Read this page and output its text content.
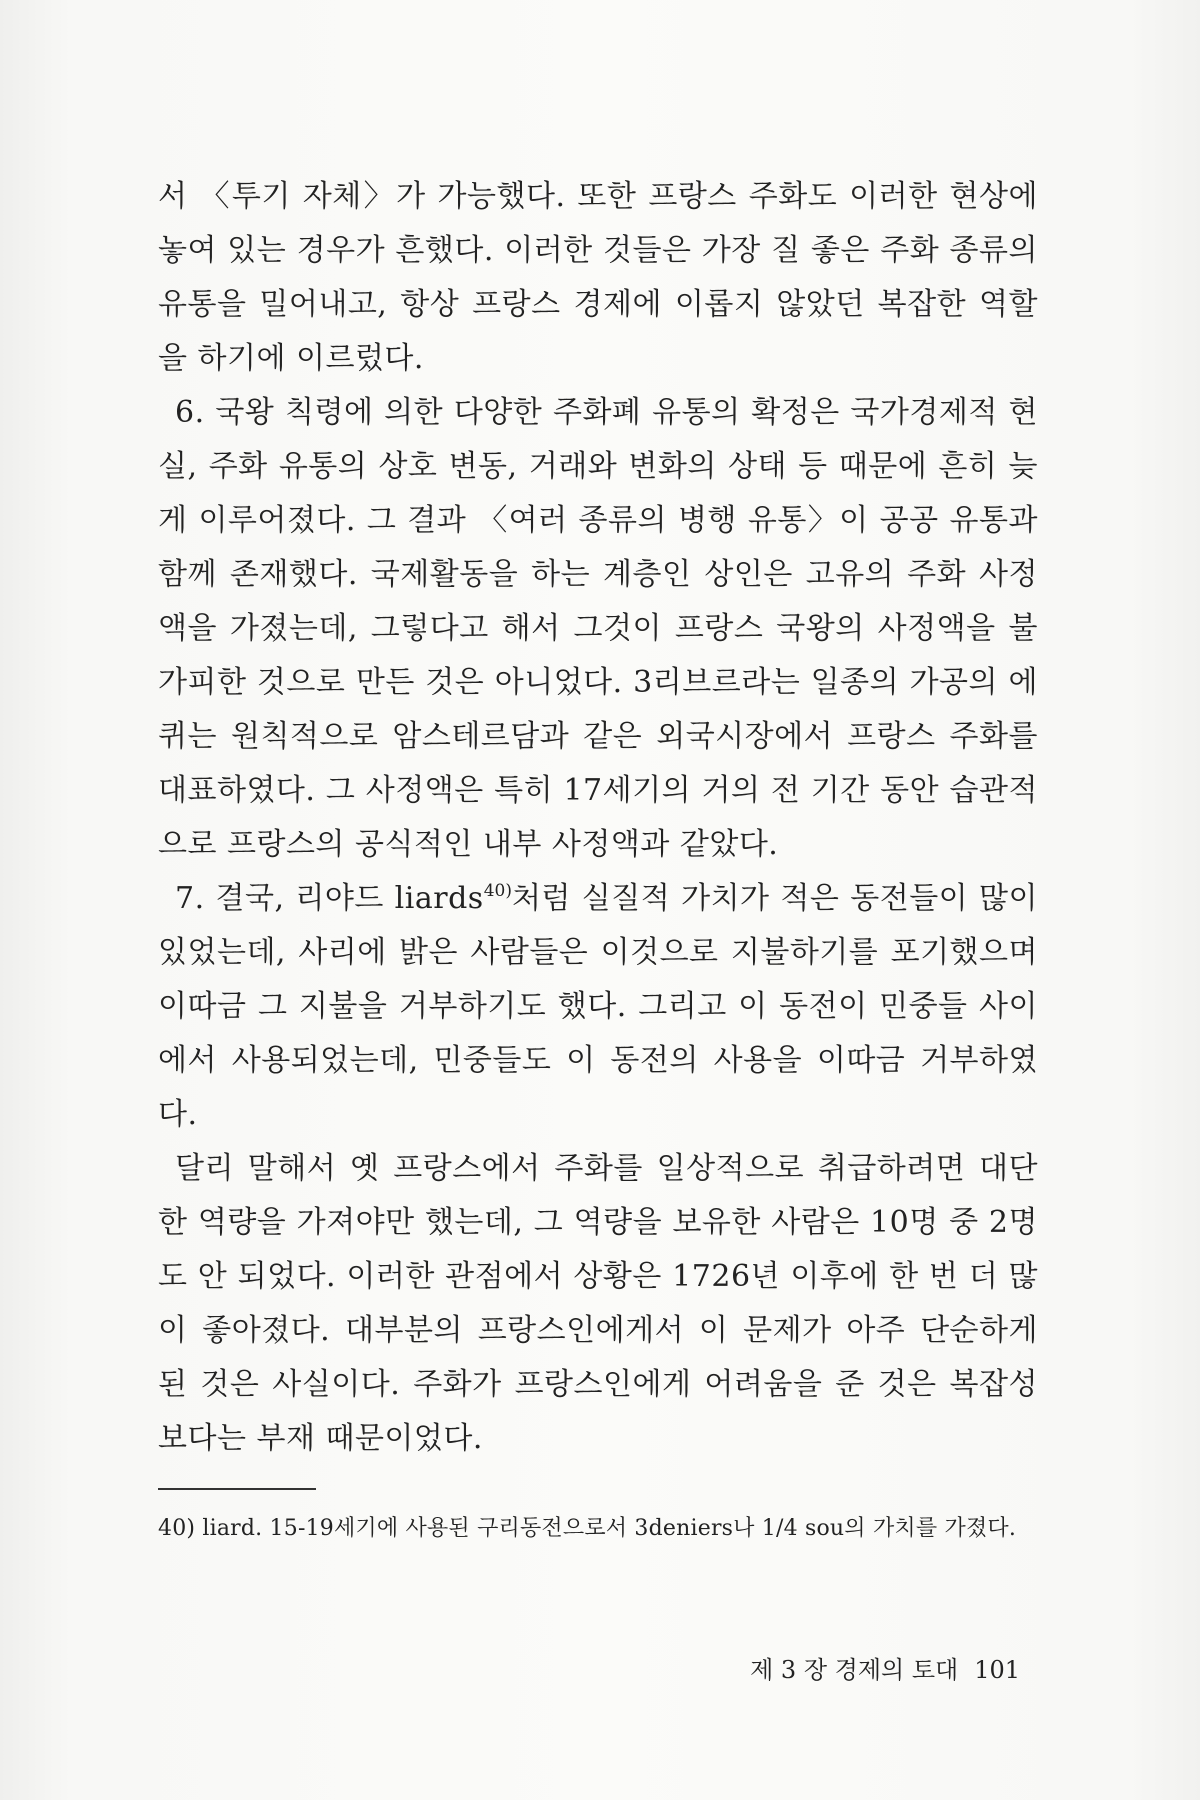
서 〈투기 자체〉가 가능했다. 또한 프랑스 주화도 이러한 현상에 놓여 있는 경우가 흔했다. 이러한 것들은 가장 질 좋은 주화 종류의 유통을 밀어내고, 항상 프랑스 경제에 이롭지 않았던 복잡한 역할을 하기에 이르렀다.

6. 국왕 칙령에 의한 다양한 주화폐 유통의 확정은 국가경제적 현실, 주화 유통의 상호 변동, 거래와 변화의 상태 등 때문에 흔히 늦게 이루어졌다. 그 결과 〈여러 종류의 병행 유통〉이 공공 유통과 함께 존재했다. 국제활동을 하는 계층인 상인은 고유의 주화 사정액을 가졌는데, 그렇다고 해서 그것이 프랑스 국왕의 사정액을 불가피한 것으로 만든 것은 아니었다. 3리브르라는 일종의 가공의 에퀴는 원칙적으로 암스테르담과 같은 외국시장에서 프랑스 주화를 대표하였다. 그 사정액은 특히 17세기의 거의 전 기간 동안 습관적으로 프랑스의 공식적인 내부 사정액과 같았다.

7. 결국, 리야드 liards$^{40)}$처럼 실질적 가치가 적은 동전들이 많이 있었는데, 사리에 밝은 사람들은 이것으로 지불하기를 포기했으며 이따금 그 지불을 거부하기도 했다. 그리고 이 동전이 민중들 사이에서 사용되었는데, 민중들도 이 동전의 사용을 이따금 거부하였다.

달리 말해서 옛 프랑스에서 주화를 일상적으로 취급하려면 대단한 역량을 가져야만 했는데, 그 역량을 보유한 사람은 10명 중 2명도 안 되었다. 이러한 관점에서 상황은 1726년 이후에 한 번 더 많이 좋아졌다. 대부분의 프랑스인에게서 이 문제가 아주 단순하게 된 것은 사실이다. 주화가 프랑스인에게 어려움을 준 것은 복잡성보다는 부재 때문이었다.

40) liard. 15-19세기에 사용된 구리동전으로서 3deniers나 1/4 sou의 가치를 가졌다.
제 3 장 경제의 토대 101
